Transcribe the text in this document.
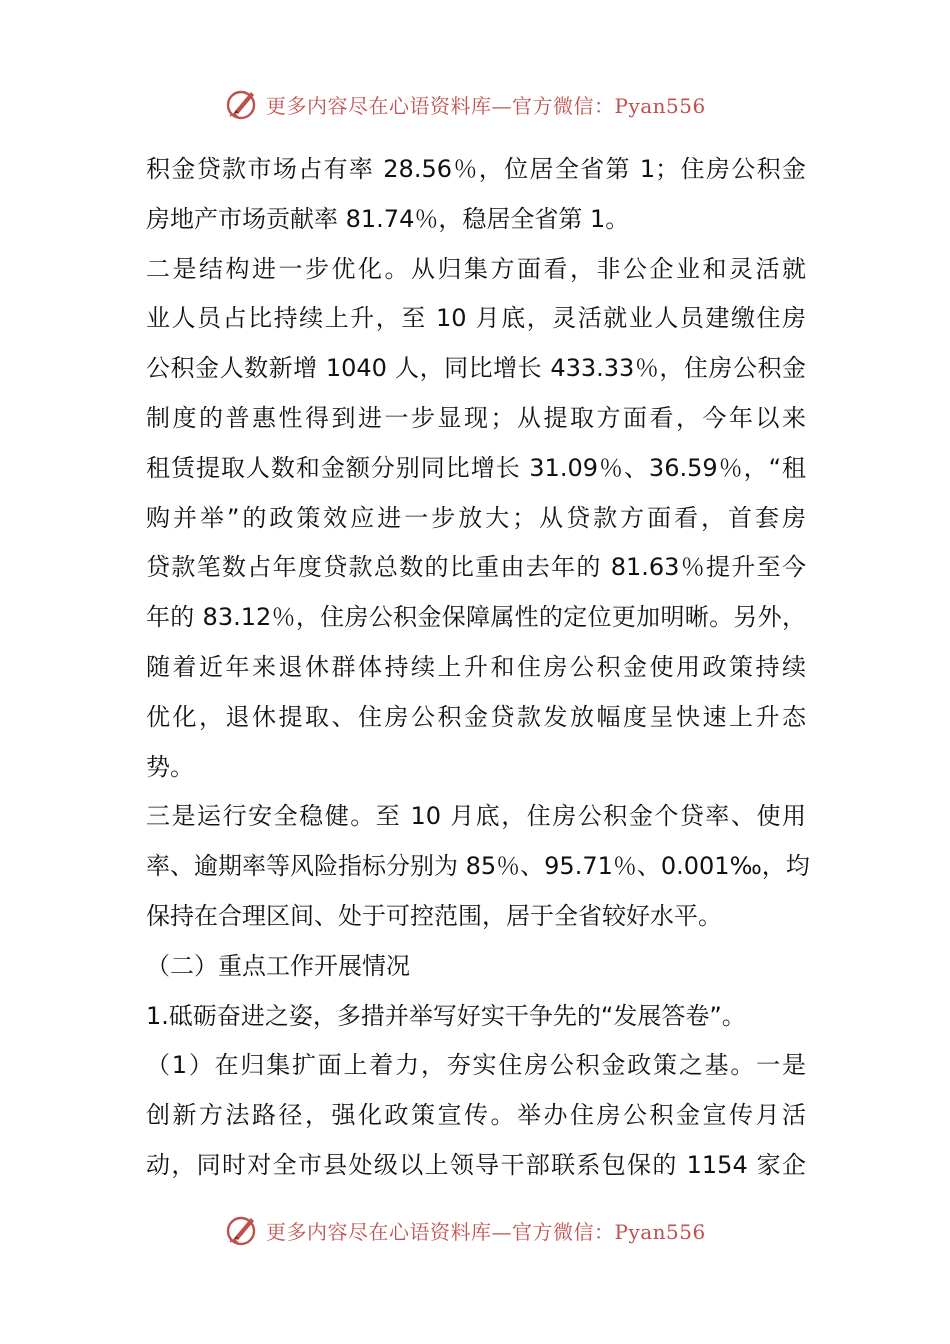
更多内容尽在心语资料库—官方微信：Pyan556
积金贷款市场占有率 28.56％，位居全省第 1；住房公积金
房地产市场贡献率 81.74％，稳居全省第 1。
二是结构进一步优化。从归集方面看，非公企业和灵活就
业人员占比持续上升，至 10 月底，灵活就业人员建缴住房
公积金人数新增 1040 人，同比增长 433.33％，住房公积金
制度的普惠性得到进一步显现；从提取方面看，今年以来
租赁提取人数和金额分别同比增长 31.09％、36.59％，“租
购并举”的政策效应进一步放大；从贷款方面看，首套房
贷款笔数占年度贷款总数的比重由去年的 81.63％提升至今
年的 83.12％，住房公积金保障属性的定位更加明晰。另外，
随着近年来退休群体持续上升和住房公积金使用政策持续
优化，退休提取、住房公积金贷款发放幅度呈快速上升态
势。
三是运行安全稳健。至 10 月底，住房公积金个贷率、使用
率、逾期率等风险指标分别为 85％、95.71％、0.001‰，均
保持在合理区间、处于可控范围，居于全省较好水平。
（二）重点工作开展情况
1.砥砺奋进之姿，多措并举写好实干争先的“发展答卷”。
（1）在归集扩面上着力，夯实住房公积金政策之基。一是
创新方法路径，强化政策宣传。举办住房公积金宣传月活
动，同时对全市县处级以上领导干部联系包保的 1154 家企
更多内容尽在心语资料库—官方微信：Pyan556
